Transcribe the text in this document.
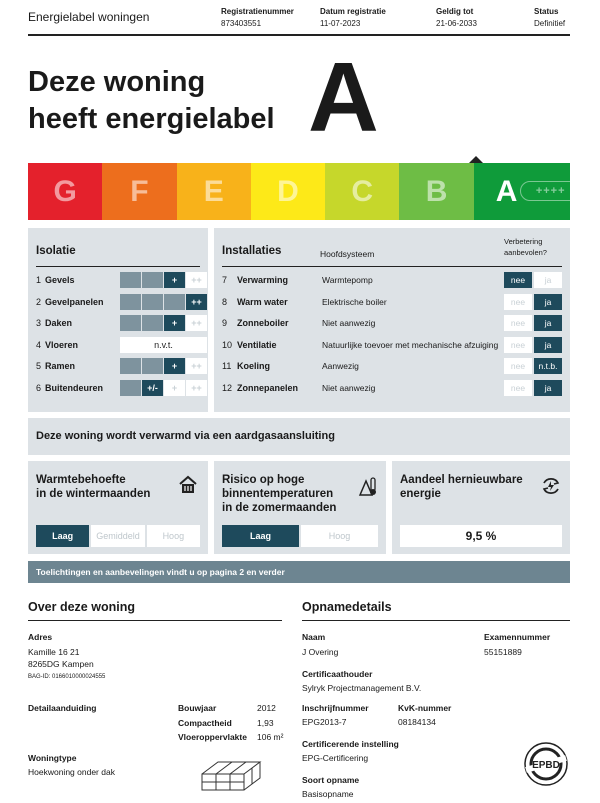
Energielabel woningen	Registratienummer
873403551
Datum registratie
11-07-2023
Geldig tot
21-06-2033
Status
Definitief
Deze woning
heeft energielabel A
G F E D C B A	++++
Isolatie
1 Gevels	+	++
2 Gevelpanelen	++
3 Daken	+	++
4 Vloeren	n.v.t.
5 Ramen	+	++
6 Buitendeuren	+/-	+	++
Installaties	Hoofdsysteem
Verbetering aanbevolen?
7	Verwarming	Warmtepomp	nee	ja
8	Warm water	Elektrische boiler	nee	ja
9	Zonneboiler	Niet aanwezig	nee	ja
10 Ventilatie	Natuurlijke toevoer met mechanische afzuiging	nee	ja
11 Koeling	Aanwezig	nee	n.t.b.
12 Zonnepanelen	Niet aanwezig	nee	ja
Deze woning wordt verwarmd via een aardgasaansluiting
Warmtebehoefte
in de wintermaanden
Laag	Gemiddeld	Hoog
Risico op hoge
binnentemperaturen
in de zomermaanden
Laag	Hoog
Aandeel hernieuwbare
energie
9,5 %
Toelichtingen en aanbevelingen vindt u op pagina 2 en verder
Over deze woning
Adres
Kamille 16 21
8265DG Kampen
BAG-ID: 0166010000024555
Detailaanduiding	Bouwjaar	2012
Compactheid	1,93
Vloeroppervlakte 106 m²
Woningtype
Hoekwoning onder dak
Opnamedetails
Naam
J Overing
Examennummer
55151889
Certificaathouder
Sylryk Projectmanagement B.V.
Inschrijfnummer
EPG2013-7
KvK-nummer
08184134
Certificerende instelling
EPG-Certificering
Soort opname
Basisopname
EPBD
